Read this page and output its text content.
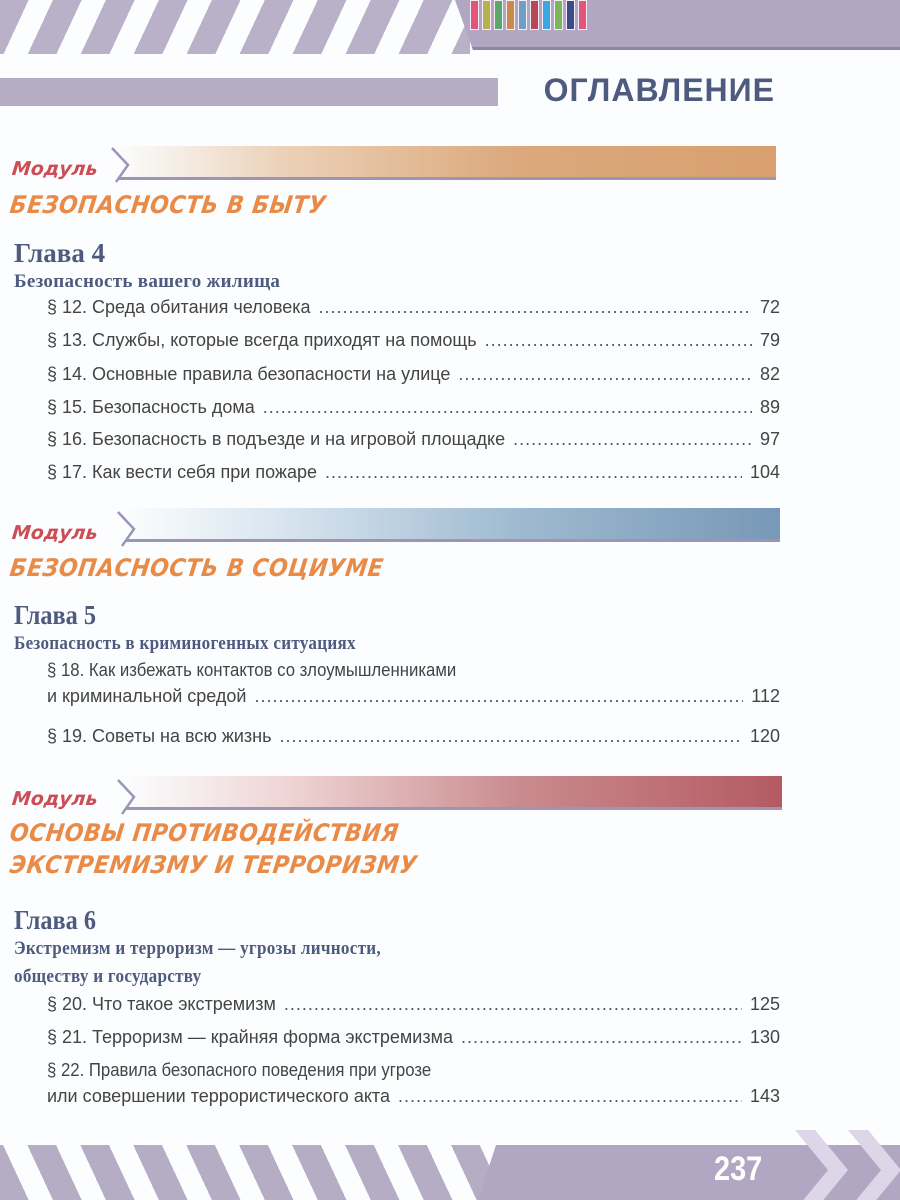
ОГЛАВЛЕНИЕ
Модуль
БЕЗОПАСНОСТЬ В БЫТУ
Глава 4
Безопасность вашего жилища
§ 12. Среда обитания человека .....	72
§ 13. Службы, которые всегда приходят на помощь .....	79
§ 14. Основные правила безопасности на улице .....	82
§ 15. Безопасность дома .....	89
§ 16. Безопасность в подъезде и на игровой площадке .....	97
§ 17. Как вести себя при пожаре .....	104
Модуль
БЕЗОПАСНОСТЬ В СОЦИУМЕ
Глава 5
Безопасность в криминогенных ситуациях
§ 18. Как избежать контактов со злоумышленниками
и криминальной средой .....	112
§ 19. Советы на всю жизнь .....	120
Модуль
ОСНОВЫ ПРОТИВОДЕЙСТВИЯ
ЭКСТРЕМИЗМУ И ТЕРРОРИЗМУ
Глава 6
Экстремизм и терроризм — угрозы личности,
обществу и государству
§ 20. Что такое экстремизм .....	125
§ 21. Терроризм — крайняя форма экстремизма .....	130
§ 22. Правила безопасного поведения при угрозе
или совершении террористического акта .....	143
237
